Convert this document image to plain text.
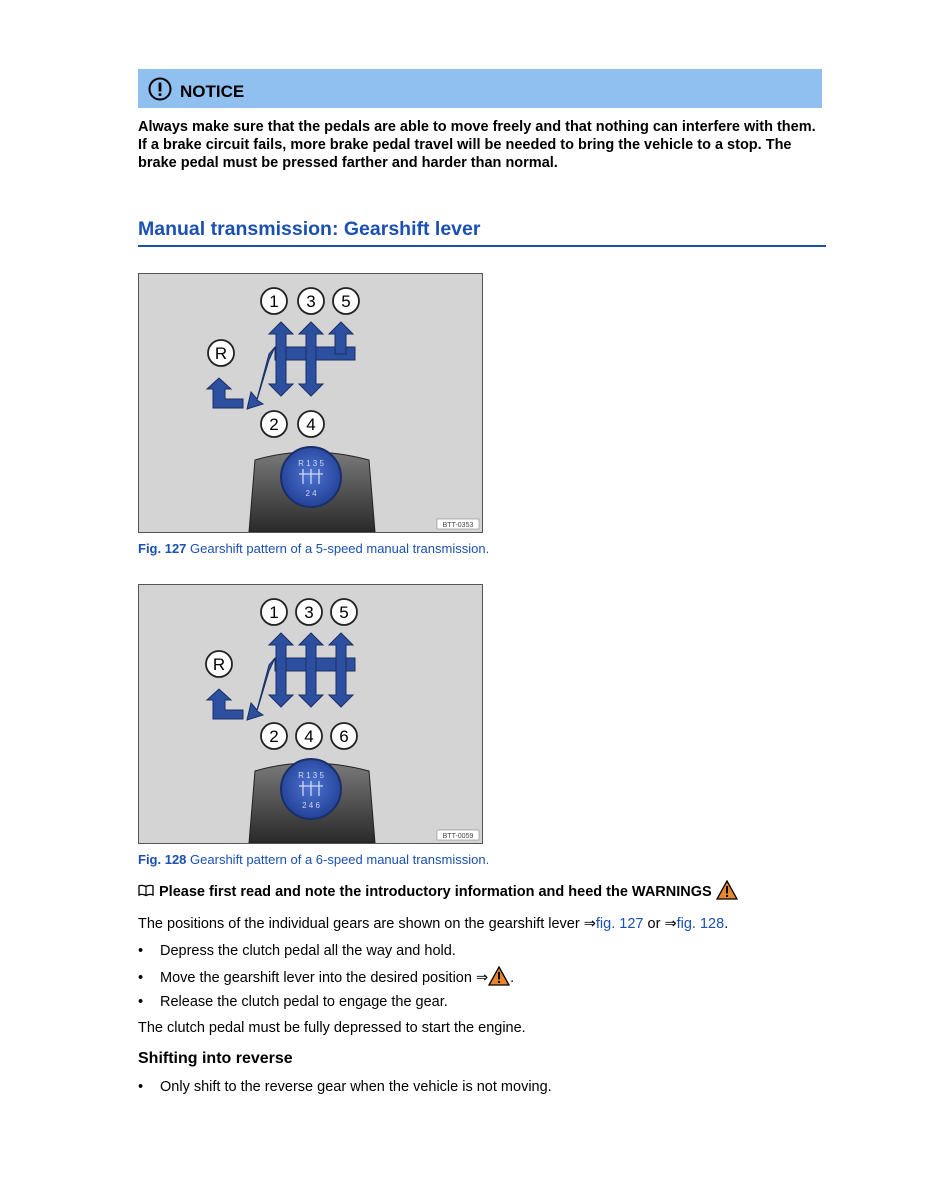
NOTICE
Always make sure that the pedals are able to move freely and that nothing can interfere with them. If a brake circuit fails, more brake pedal travel will be needed to bring the vehicle to a stop. The brake pedal must be pressed farther and harder than normal.
Manual transmission: Gearshift lever
1 3 5
R
2 4
R 1 3 5
2 4
BTT-0353
Fig. 127 Gearshift pattern of a 5-speed manual transmission.
1 3 5
R
2 4 6
R 1 3 5
2 4 6
BTT-0059
Fig. 128 Gearshift pattern of a 6-speed manual transmission.
Please first read and note the introductory information and heed the WARNINGS
The positions of the individual gears are shown on the gearshift lever ⇒fig. 127 or ⇒fig. 128.
•	Depress the clutch pedal all the way and hold.
•	Move the gearshift lever into the desired position ⇒ .
•	Release the clutch pedal to engage the gear.
The clutch pedal must be fully depressed to start the engine.
Shifting into reverse
•	Only shift to the reverse gear when the vehicle is not moving.
